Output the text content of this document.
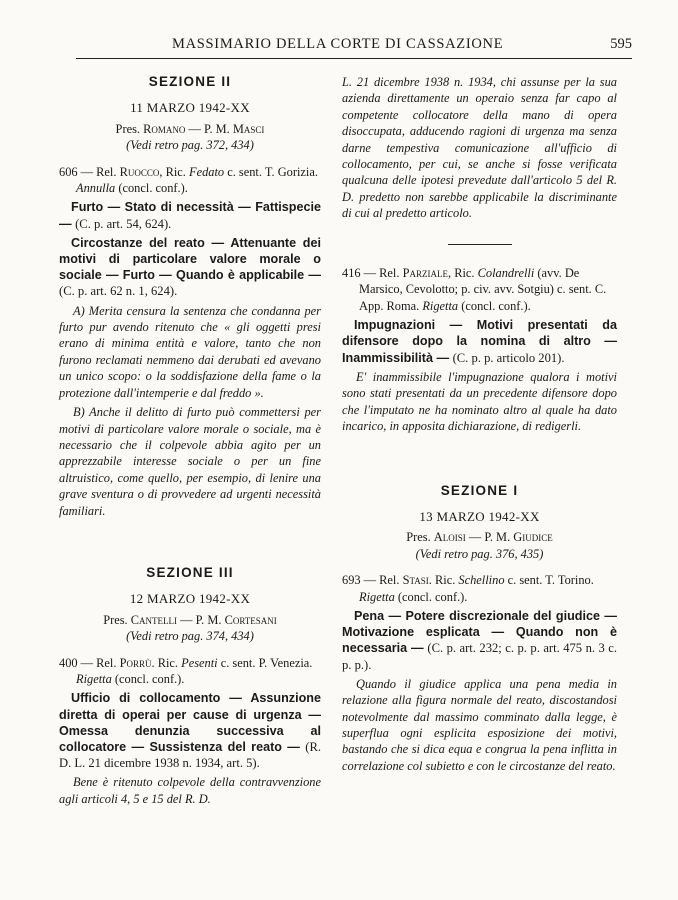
MASSIMARIO DELLA CORTE DI CASSAZIONE	595
SEZIONE II
11 MARZO 1942-XX
Pres. Romano — P. M. Masci
(Vedi retro pag. 372, 434)
606 — Rel. Ruocco, Ric. Fedato c. sent. T. Gorizia. Annulla (concl. conf.).

Furto — Stato di necessità — Fattispecie — (C. p. art. 54, 624).

Circostanze del reato — Attenuante dei motivi di particolare valore morale o sociale — Furto — Quando è applicabile — (C. p. art. 62 n. 1, 624).

A) Merita censura la sentenza che condanna per furto pur avendo ritenuto che « gli oggetti presi erano di minima entità e valore, tanto che non furono reclamati nemmeno dai derubati ed avevano un unico scopo: o la soddisfazione della fame o la protezione dall'intemperie e dal freddo ».

B) Anche il delitto di furto può commettersi per motivi di particolare valore morale o sociale, ma è necessario che il colpevole abbia agito per un apprezzabile interesse sociale o per un fine altruistico, come quello, per esempio, di lenire una grave sventura o di provvedere ad urgenti necessità familiari.

SEZIONE III
12 MARZO 1942-XX
Pres. Cantelli — P. M. Cortesani
(Vedi retro pag. 374, 434)
400 — Rel. Porrù. Ric. Pesenti c. sent. P. Venezia. Rigetta (concl. conf.).

Ufficio di collocamento — Assunzione diretta di operai per cause di urgenza — Omessa denunzia successiva al collocatore — Sussistenza del reato — (R. D. L. 21 dicembre 1938 n. 1934, art. 5).

Bene è ritenuto colpevole della contravvenzione agli articoli 4, 5 e 15 del R. D.

L. 21 dicembre 1938 n. 1934, chi assunse per la sua azienda direttamente un operaio senza far capo al competente collocatore della mano di opera disoccupata, adducendo ragioni di urgenza ma senza darne tempestiva comunicazione all'ufficio di collocamento, per cui, se anche si fosse verificata qualcuna delle ipotesi prevedute dall'articolo 5 del R. D. predetto non sarebbe applicabile la discriminante di cui al predetto articolo.

416 — Rel. Parziale, Ric. Colandrelli (avv. De Marsico, Cevolotto; p. civ. avv. Sotgiu) c. sent. C. App. Roma. Rigetta (concl. conf.).

Impugnazioni — Motivi presentati da difensore dopo la nomina di altro — Inammissibilità — (C. p. p. articolo 201).

E' inammissibile l'impugnazione qualora i motivi sono stati presentati da un precedente difensore dopo che l'imputato ne ha nominato altro al quale ha dato incarico, in apposita dichiarazione, di redigerli.

SEZIONE I
13 MARZO 1942-XX
Pres. Aloisi — P. M. Giudice
(Vedi retro pag. 376, 435)
693 — Rel. Stasi. Ric. Schellino c. sent. T. Torino. Rigetta (concl. conf.).

Pena — Potere discrezionale del giudice — Motivazione esplicata — Quando non è necessaria — (C. p. art. 232; c. p. p. art. 475 n. 3 c. p. p.).

Quando il giudice applica una pena media in relazione alla figura normale del reato, discostandosi notevolmente dal massimo comminato dalla legge, è superflua ogni esplicita esposizione dei motivi, bastando che si dica equa e congrua la pena inflitta in correlazione col subietto e con le circostanze del reato.
